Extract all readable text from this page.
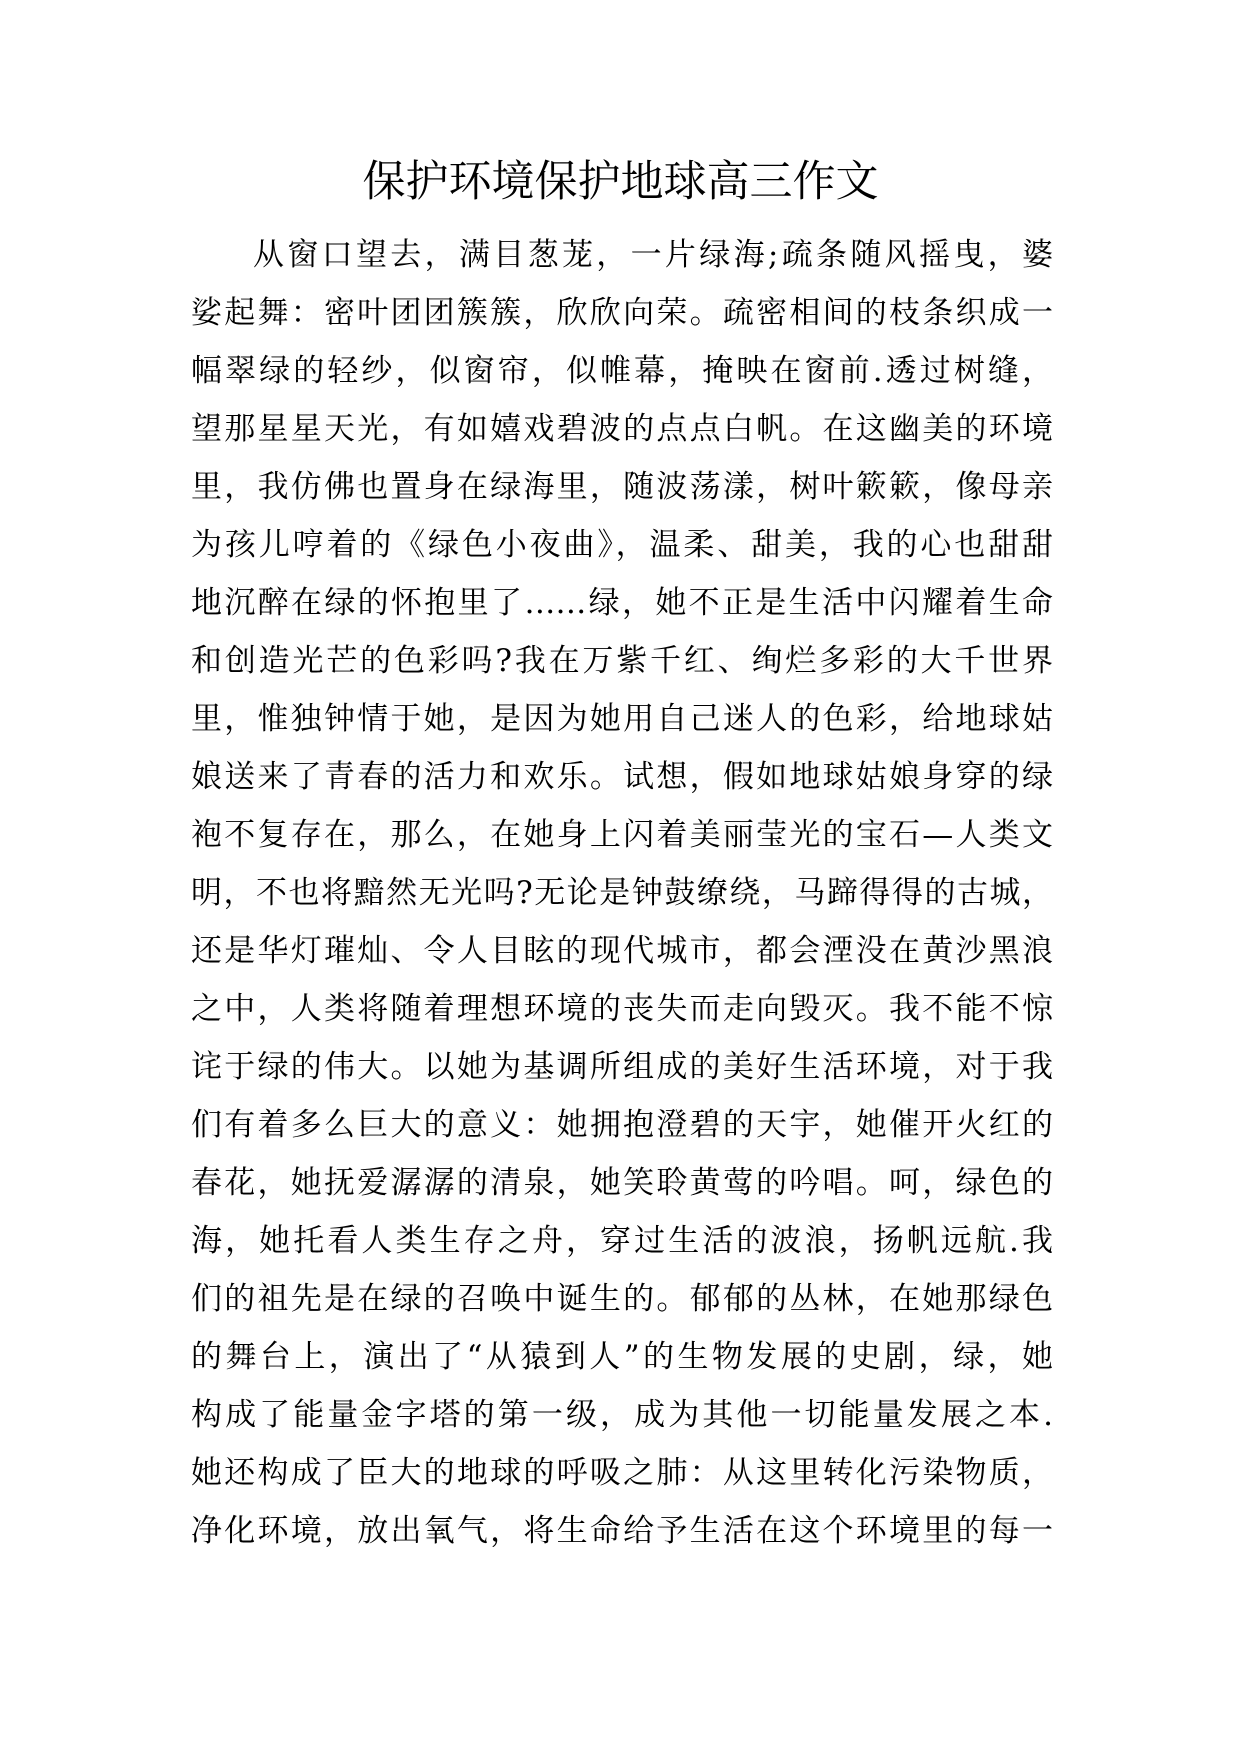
保护环境保护地球高三作文
从窗口望去，满目葱茏，一片绿海;疏条随风摇曳，婆
娑起舞：密叶团团簇簇，欣欣向荣。疏密相间的枝条织成一
幅翠绿的轻纱，似窗帘，似帷幕，掩映在窗前.透过树缝，
望那星星天光，有如嬉戏碧波的点点白帆。在这幽美的环境
里，我仿佛也置身在绿海里，随波荡漾，树叶簌簌，像母亲
为孩儿哼着的《绿色小夜曲》，温柔、甜美，我的心也甜甜
地沉醉在绿的怀抱里了……绿，她不正是生活中闪耀着生命
和创造光芒的色彩吗?我在万紫千红、绚烂多彩的大千世界
里，惟独钟情于她，是因为她用自己迷人的色彩，给地球姑
娘送来了青春的活力和欢乐。试想，假如地球姑娘身穿的绿
袍不复存在，那么，在她身上闪着美丽莹光的宝石—人类文
明，不也将黯然无光吗?无论是钟鼓缭绕，马蹄得得的古城，
还是华灯璀灿、令人目眩的现代城市，都会湮没在黄沙黑浪
之中，人类将随着理想环境的丧失而走向毁灭。我不能不惊
诧于绿的伟大。以她为基调所组成的美好生活环境，对于我
们有着多么巨大的意义：她拥抱澄碧的天宇，她催开火红的
春花，她抚爱潺潺的清泉，她笑聆黄莺的吟唱。呵，绿色的
海，她托看人类生存之舟，穿过生活的波浪，扬帆远航.我
们的祖先是在绿的召唤中诞生的。郁郁的丛林，在她那绿色
的舞台上，演出了“从猿到人”的生物发展的史剧，绿，她
构成了能量金字塔的第一级，成为其他一切能量发展之本.
她还构成了臣大的地球的呼吸之肺：从这里转化污染物质，
净化环境，放出氧气，将生命给予生活在这个环境里的每一
